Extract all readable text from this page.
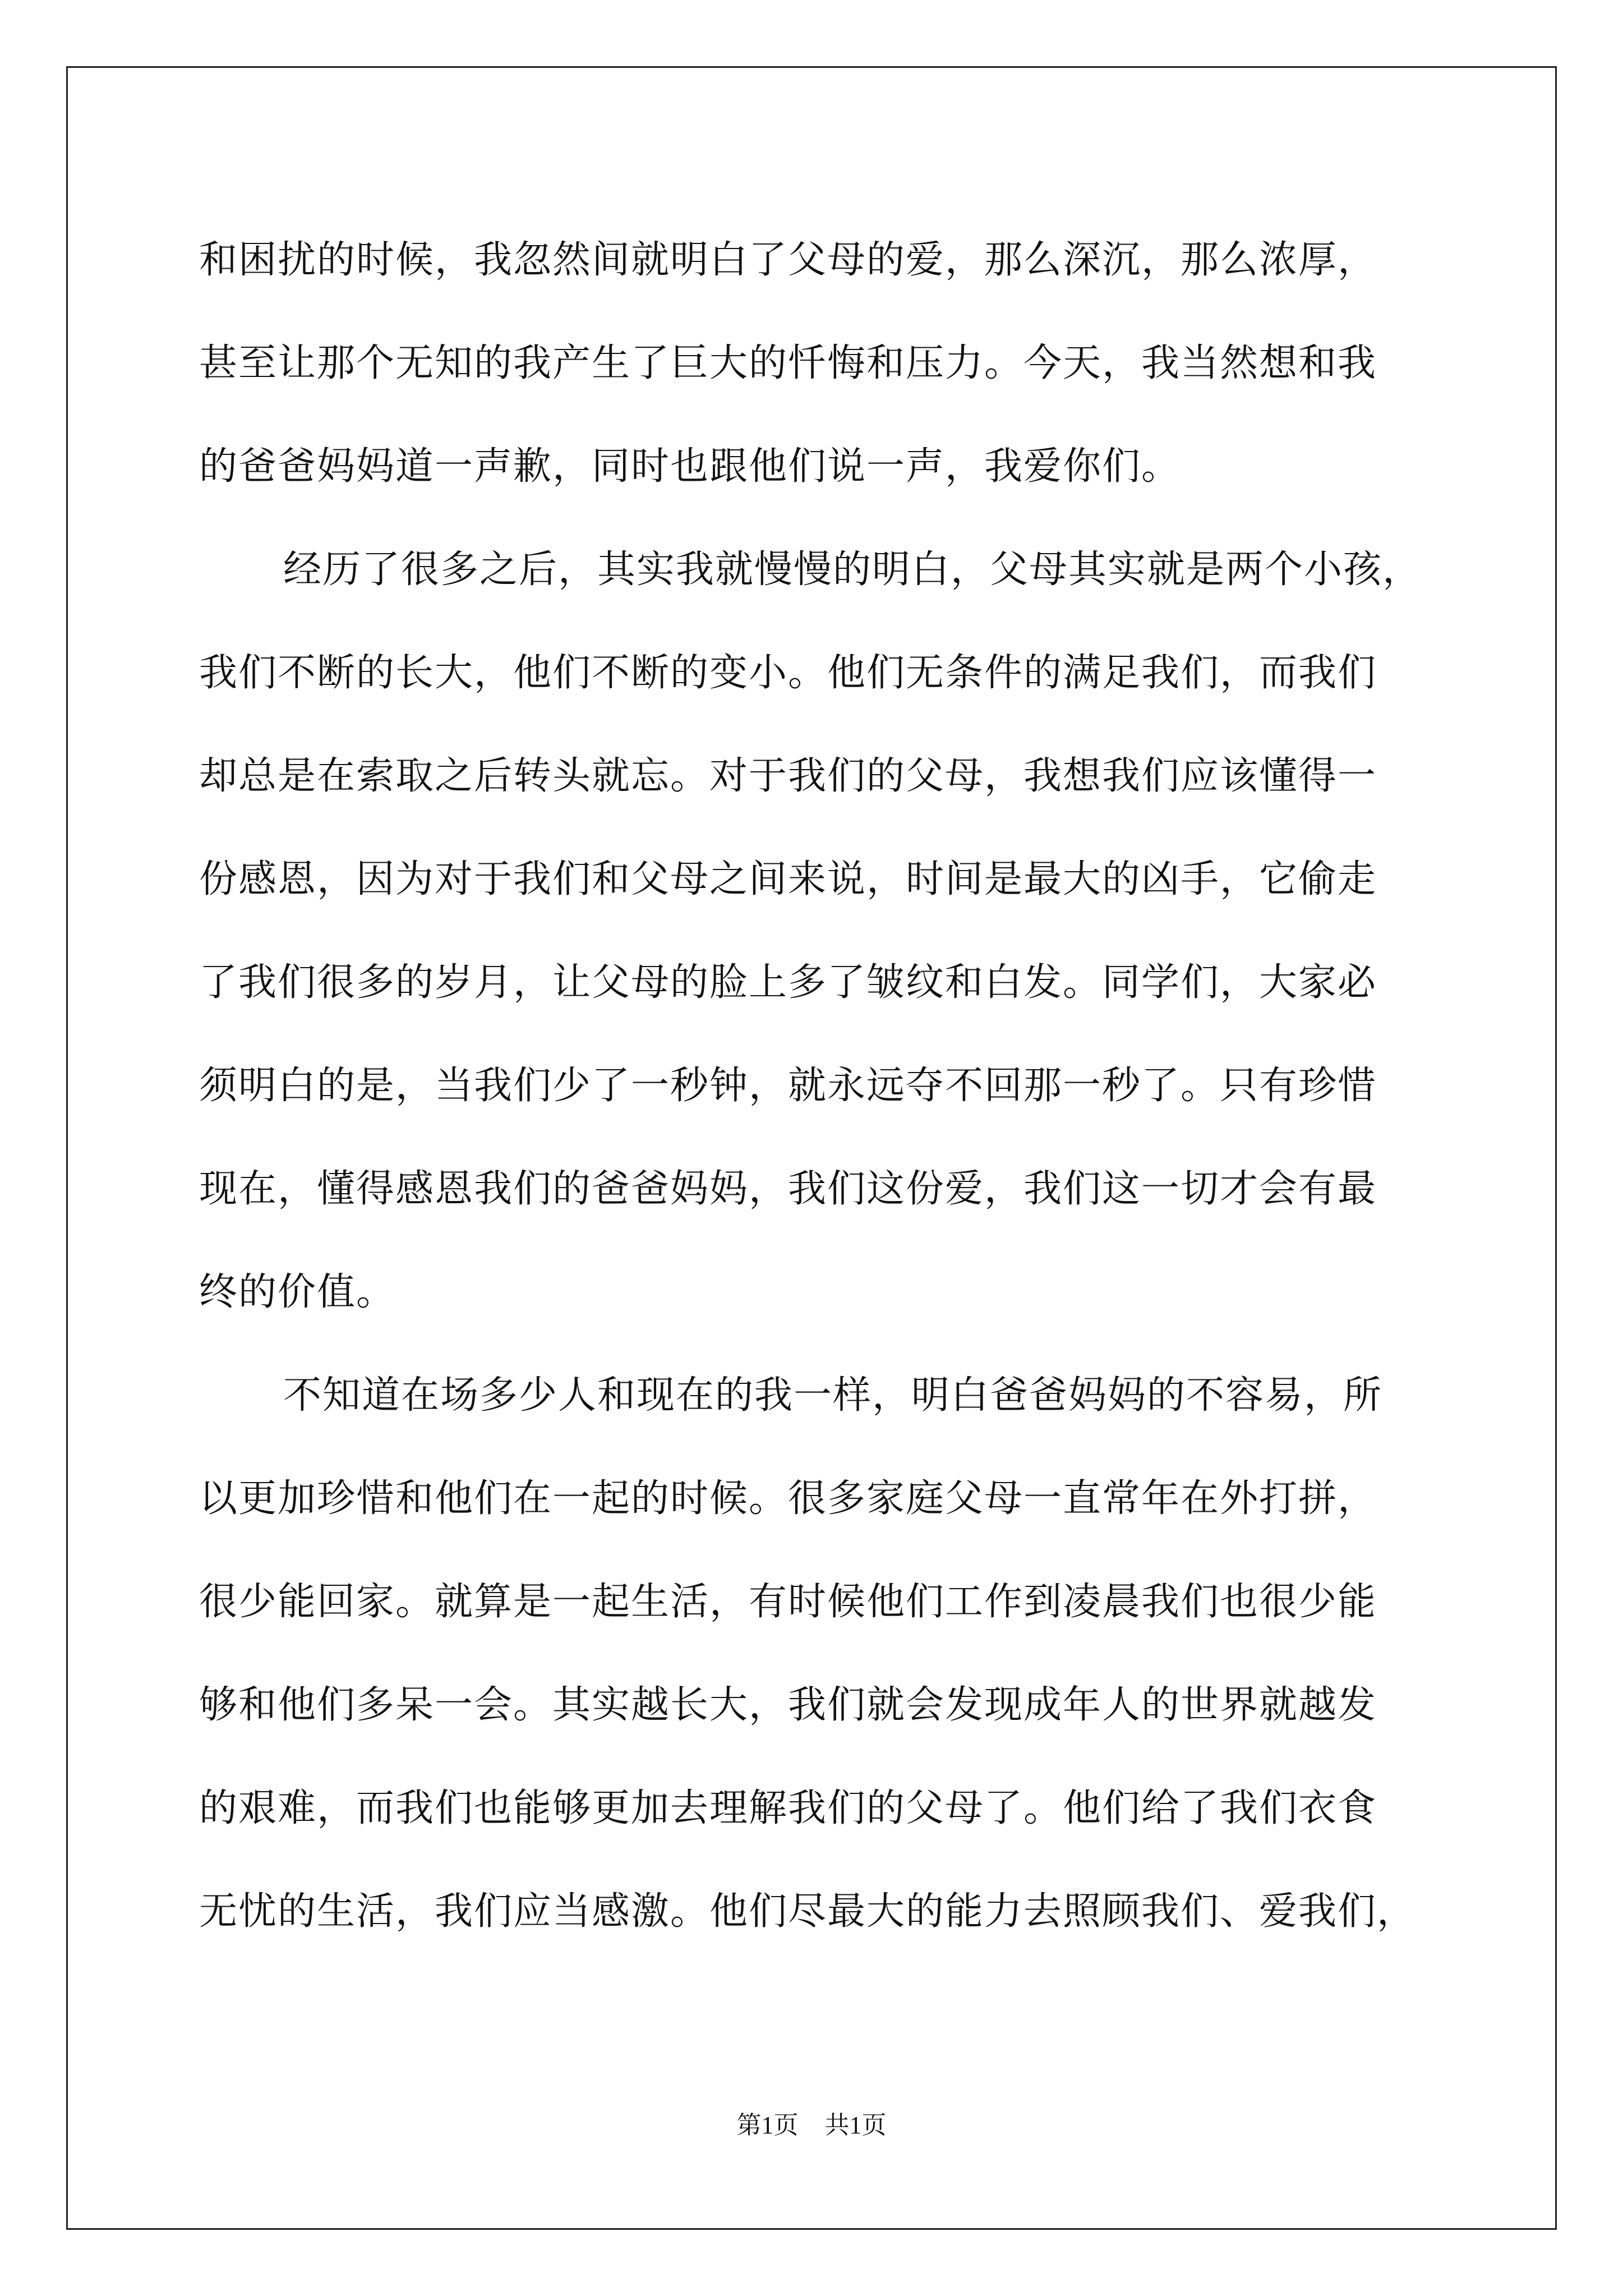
和困扰的时候，我忽然间就明白了父母的爱，那么深沉，那么浓厚，
甚至让那个无知的我产生了巨大的忏悔和压力。今天，我当然想和我
的爸爸妈妈道一声歉，同时也跟他们说一声，我爱你们。
经历了很多之后，其实我就慢慢的明白，父母其实就是两个小孩，
我们不断的长大，他们不断的变小。他们无条件的满足我们，而我们
却总是在索取之后转头就忘。对于我们的父母，我想我们应该懂得一
份感恩，因为对于我们和父母之间来说，时间是最大的凶手，它偷走
了我们很多的岁月，让父母的脸上多了皱纹和白发。同学们，大家必
须明白的是，当我们少了一秒钟，就永远夺不回那一秒了。只有珍惜
现在，懂得感恩我们的爸爸妈妈，我们这份爱，我们这一切才会有最
终的价值。
不知道在场多少人和现在的我一样，明白爸爸妈妈的不容易，所
以更加珍惜和他们在一起的时候。很多家庭父母一直常年在外打拼，
很少能回家。就算是一起生活，有时候他们工作到凌晨我们也很少能
够和他们多呆一会。其实越长大，我们就会发现成年人的世界就越发
的艰难，而我们也能够更加去理解我们的父母了。他们给了我们衣食
无忧的生活，我们应当感激。他们尽最大的能力去照顾我们、爱我们，
第1页 共1页
